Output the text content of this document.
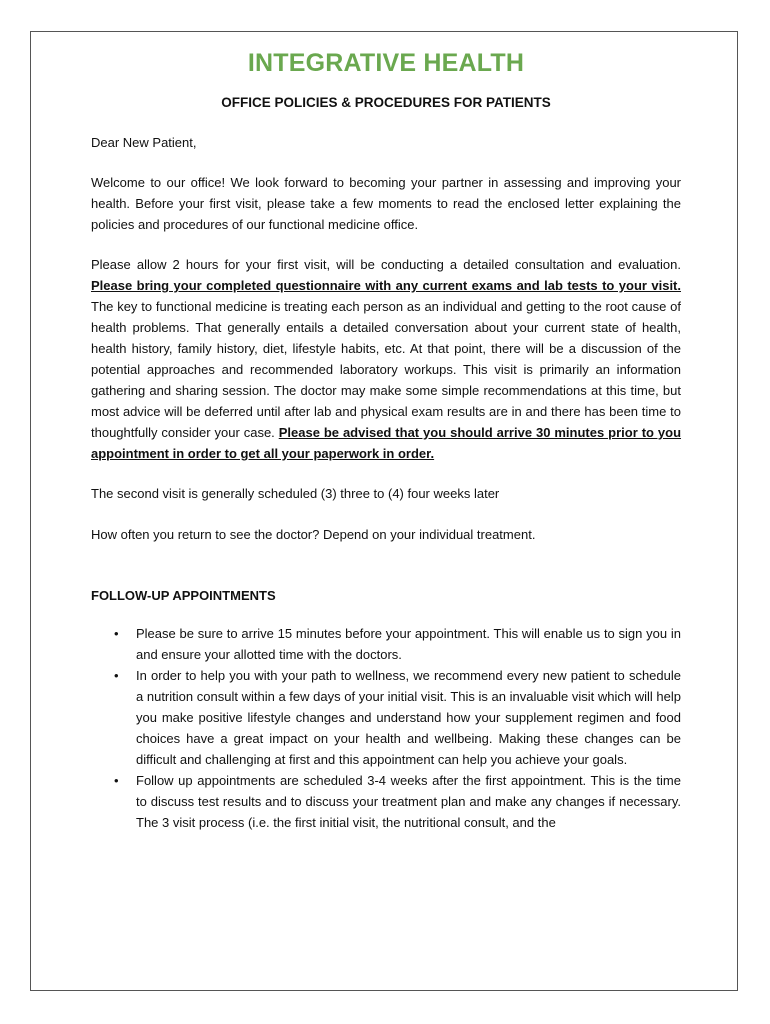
INTEGRATIVE HEALTH
OFFICE POLICIES & PROCEDURES FOR PATIENTS

Dear New Patient,

Welcome to our office! We look forward to becoming your partner in assessing and improving your health. Before your first visit, please take a few moments to read the enclosed letter explaining the policies and procedures of our functional medicine office.

Please allow 2 hours for your first visit, will be conducting a detailed consultation and evaluation. Please bring your completed questionnaire with any current exams and lab tests to your visit. The key to functional medicine is treating each person as an individual and getting to the root cause of health problems. That generally entails a detailed conversation about your current state of health, health history, family history, diet, lifestyle habits, etc. At that point, there will be a discussion of the potential approaches and recommended laboratory workups. This visit is primarily an information gathering and sharing session. The doctor may make some simple recommendations at this time, but most advice will be deferred until after lab and physical exam results are in and there has been time to thoughtfully consider your case. Please be advised that you should arrive 30 minutes prior to you appointment in order to get all your paperwork in order.

The second visit is generally scheduled (3) three to (4) four weeks later

How often you return to see the doctor? Depend on your individual treatment.

FOLLOW-UP APPOINTMENTS
• Please be sure to arrive 15 minutes before your appointment. This will enable us to sign you in and ensure your allotted time with the doctors.
• In order to help you with your path to wellness, we recommend every new patient to schedule a nutrition consult within a few days of your initial visit. This is an invaluable visit which will help you make positive lifestyle changes and understand how your supplement regimen and food choices have a great impact on your health and wellbeing. Making these changes can be difficult and challenging at first and this appointment can help you achieve your goals.
• Follow up appointments are scheduled 3-4 weeks after the first appointment. This is the time to discuss test results and to discuss your treatment plan and make any changes if necessary. The 3 visit process (i.e. the first initial visit, the nutritional consult, and the
